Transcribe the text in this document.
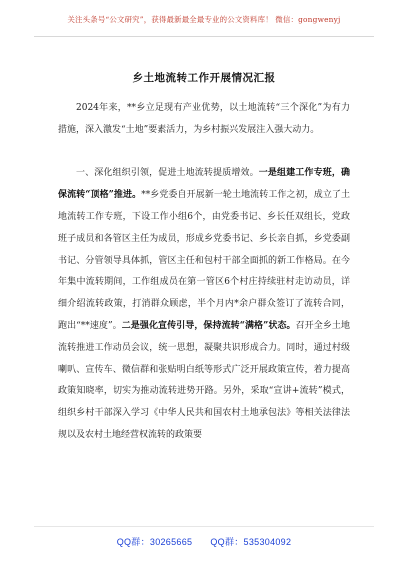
关注头条号“公文研究”，获得最新最全最专业的公文资料库！ 微信：gongwenyj
乡土地流转工作开展情况汇报

2024年来，**乡立足现有产业优势，以土地流转“三个深化”为有力措施，深入激发“土地”要素活力，为乡村振兴发展注入强大动力。

一、深化组织引领，促进土地流转提质增效。一是组建工作专班，确保流转“顶格”推进。**乡党委自开展新一轮土地流转工作之初，成立了土地流转工作专班，下设工作小组6个，由党委书记、乡长任双组长，党政班子成员和各管区主任为成员，形成乡党委书记、乡长亲自抓，乡党委副书记、分管领导具体抓，管区主任和包村干部全面抓的新工作格局。在今年集中流转期间，工作组成员在第一管区6个村庄持续驻村走访动员，详细介绍流转政策，打消群众顾虑，半个月内*余户群众签订了流转合同，跑出“**速度”。二是强化宣传引导，保持流转“满格”状态。召开全乡土地流转推进工作动员会议，统一思想，凝聚共识形成合力。同时，通过村级喇叭、宣传车、微信群和张贴明白纸等形式广泛开展政策宣传，着力提高政策知晓率，切实为推动流转进势开路。另外，采取“宣讲+流转”模式，组织乡村干部深入学习《中华人民共和国农村土地承包法》等相关法律法规以及农村土地经营权流转的政策要

QQ群：30265665 QQ群：535304092
